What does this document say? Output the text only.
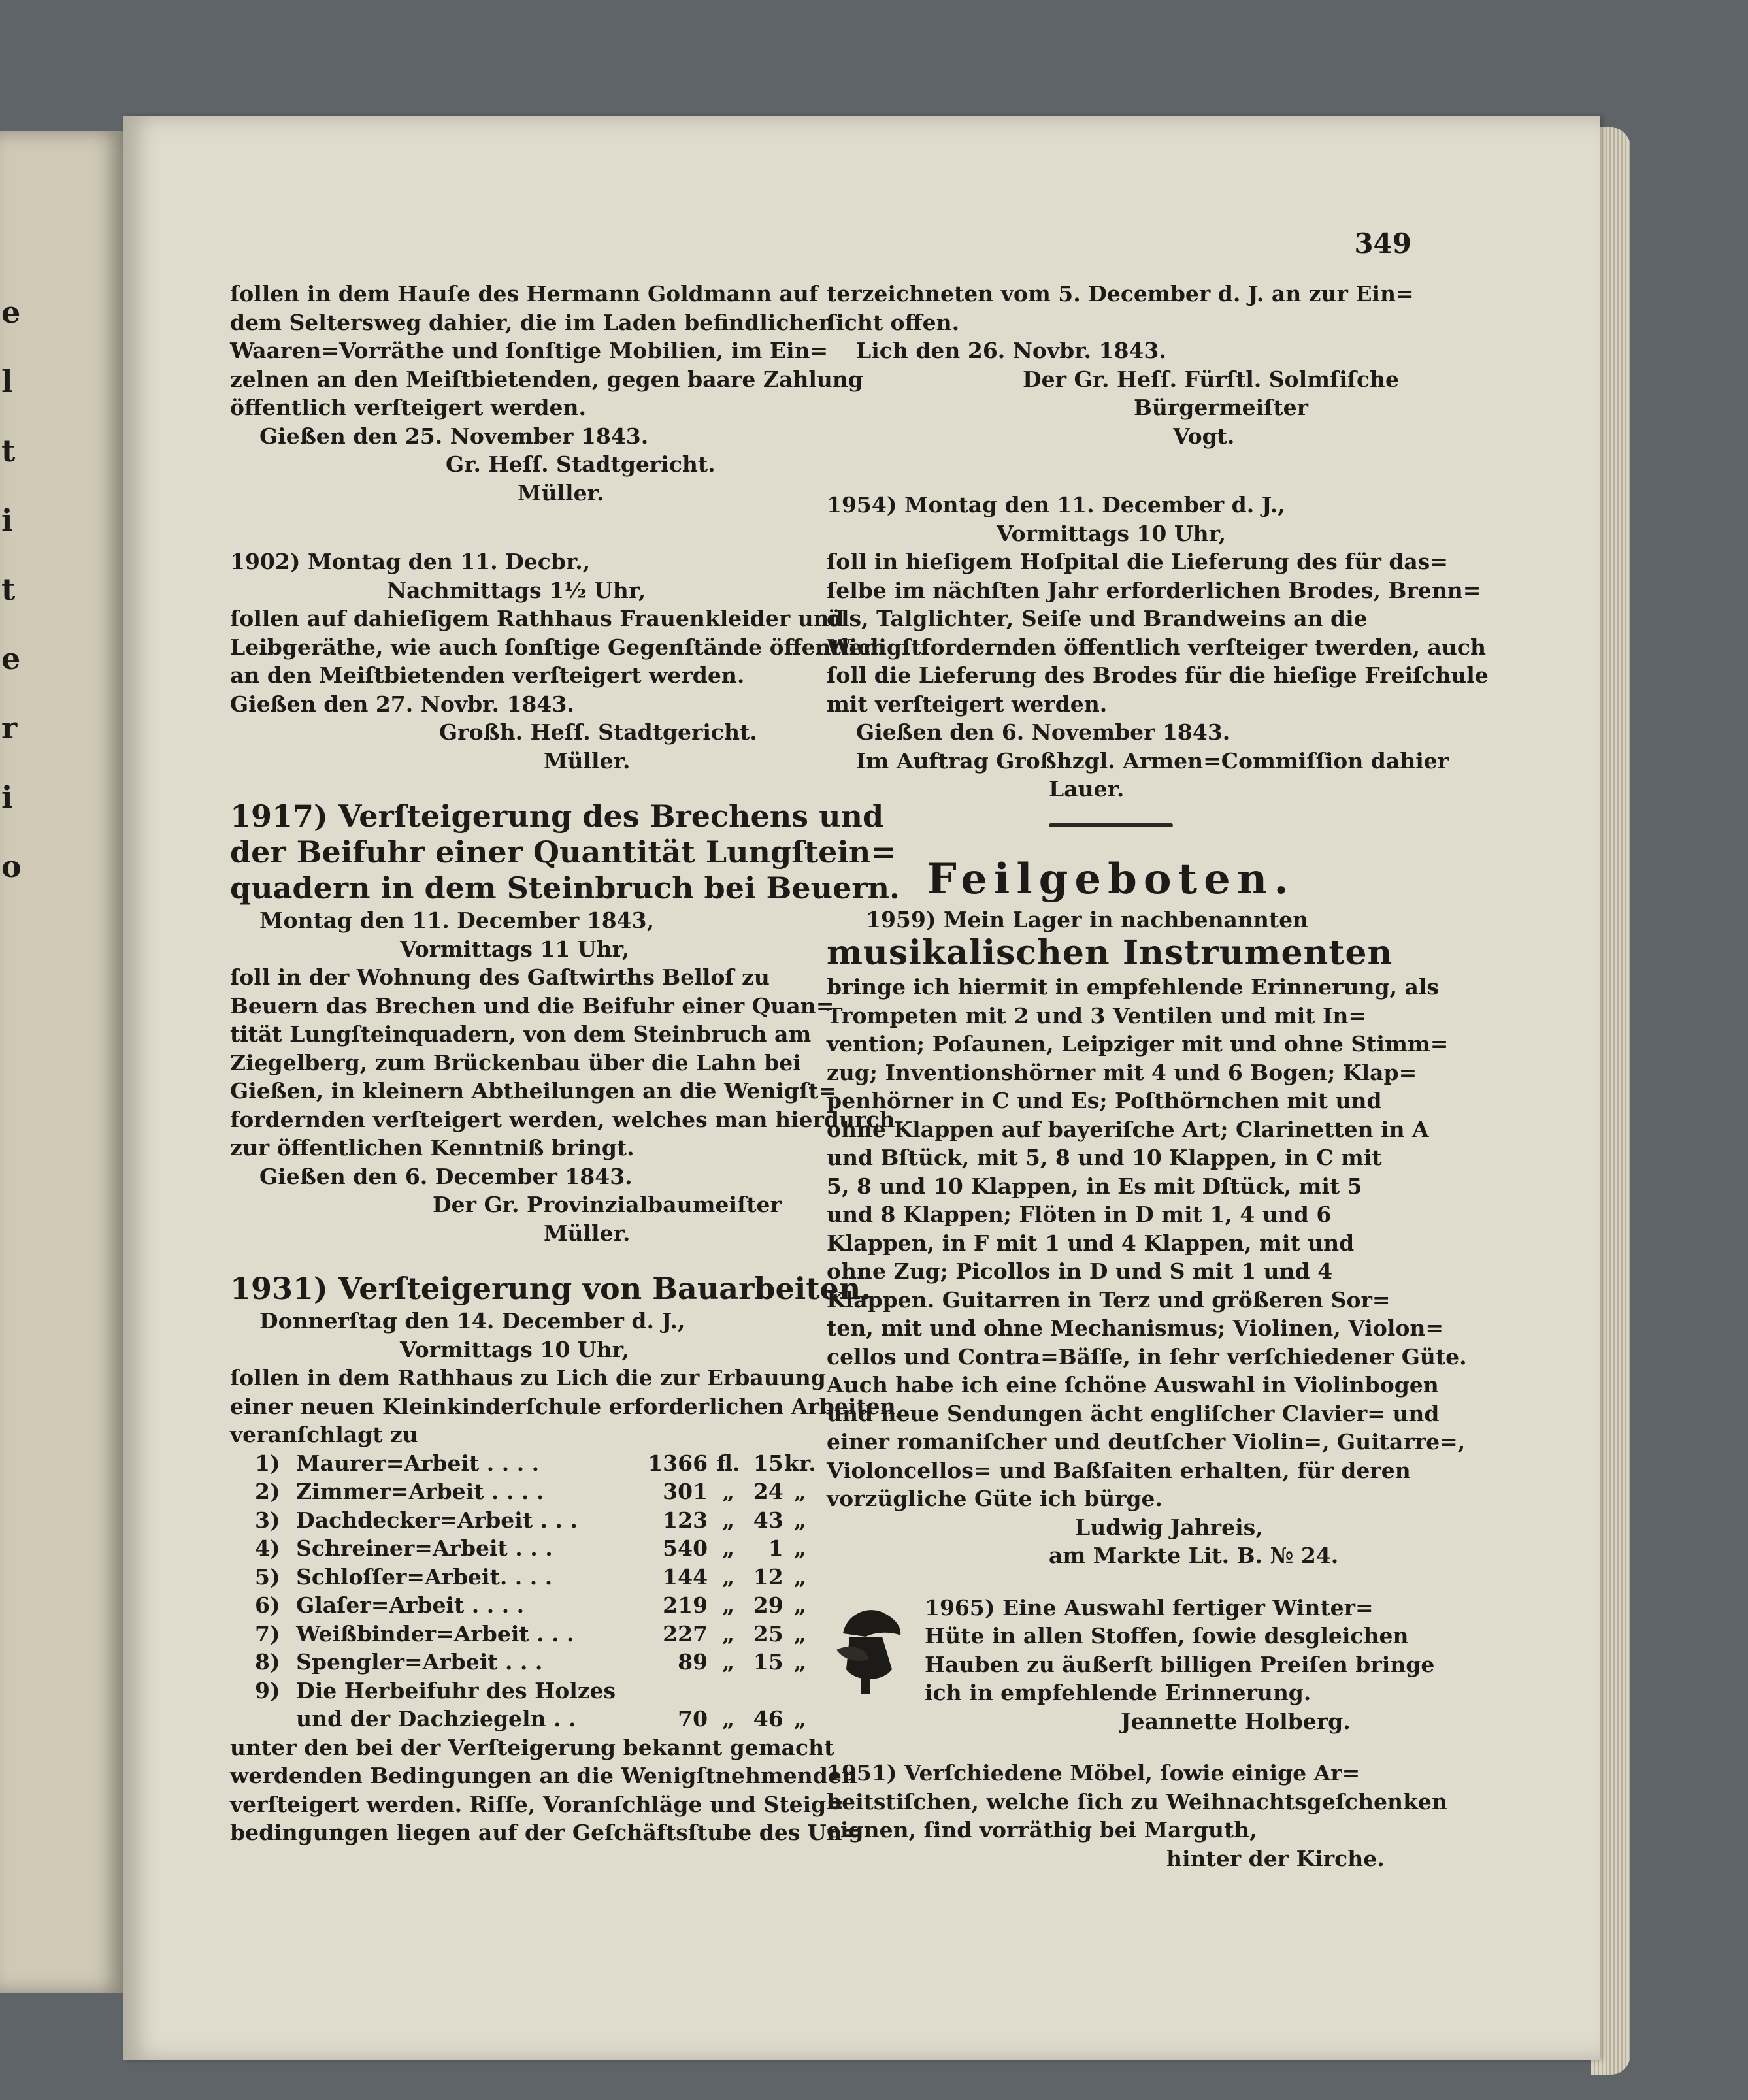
e
l
t
i
t
e
r
i
o
349
ſollen in dem Hauſe des Hermann Goldmann auf
dem Seltersweg dahier, die im Laden befindlichen
Waaren=Vorräthe und ſonſtige Mobilien, im Ein=
zelnen an den Meiſtbietenden, gegen baare Zahlung
öffentlich verſteigert werden.
Gießen den 25. November 1843.
Gr. Heſſ. Stadtgericht.
Müller.
1902) Montag den 11. Decbr.,
Nachmittags 1½ Uhr,
ſollen auf dahieſigem Rathhaus Frauenkleider und
Leibgeräthe, wie auch ſonſtige Gegenſtände öffentlich
an den Meiſtbietenden verſteigert werden.
Gießen den 27. Novbr. 1843.
Großh. Heſſ. Stadtgericht.
Müller.
1917) Verſteigerung des Brechens und
der Beifuhr einer Quantität Lungſtein=
quadern in dem Steinbruch bei Beuern.
Montag den 11. December 1843,
Vormittags 11 Uhr,
ſoll in der Wohnung des Gaſtwirths Belloſ zu
Beuern das Brechen und die Beifuhr einer Quan=
tität Lungſteinquadern, von dem Steinbruch am
Ziegelberg, zum Brückenbau über die Lahn bei
Gießen, in kleinern Abtheilungen an die Wenigſt=
fordernden verſteigert werden, welches man hierdurch
zur öffentlichen Kenntniß bringt.
Gießen den 6. December 1843.
Der Gr. Provinzialbaumeiſter
Müller.
1931) Verſteigerung von Bauarbeiten.
Donnerſtag den 14. December d. J.,
Vormittags 10 Uhr,
ſollen in dem Rathhaus zu Lich die zur Erbauung
einer neuen Kleinkinderſchule erforderlichen Arbeiten,
veranſchlagt zu
1)	Maurer=Arbeit . . . .	1366	fl.	15	kr.
2)	Zimmer=Arbeit . . . .	301	„	24	„
3)	Dachdecker=Arbeit . . .	123	„	43	„
4)	Schreiner=Arbeit . . .	540	„	1	„
5)	Schloſſer=Arbeit. . . .	144	„	12	„
6)	Glaſer=Arbeit . . . .	219	„	29	„
7)	Weißbinder=Arbeit . . .	227	„	25	„
8)	Spengler=Arbeit . . .	89	„	15	„
9)	Die Herbeifuhr des Holzes				
	und der Dachziegeln . .	70	„	46	„
unter den bei der Verſteigerung bekannt gemacht
werdenden Bedingungen an die Wenigſtnehmenden
verſteigert werden. Riſſe, Voranſchläge und Steig=
bedingungen liegen auf der Geſchäftsſtube des Un=
terzeichneten vom 5. December d. J. an zur Ein=
ſicht offen.
Lich den 26. Novbr. 1843.
Der Gr. Heſſ. Fürſtl. Solmſiſche
Bürgermeiſter
Vogt.
1954) Montag den 11. December d. J.,
Vormittags 10 Uhr,
ſoll in hieſigem Hoſpital die Lieferung des für das=
ſelbe im nächſten Jahr erforderlichen Brodes, Brenn=
öls, Talglichter, Seiſe und Brandweins an die
Wenigſtfordernden öffentlich verſteiger twerden, auch
ſoll die Lieferung des Brodes für die hieſige Freiſchule
mit verſteigert werden.
Gießen den 6. November 1843.
Im Auftrag Großhzgl. Armen=Commiſſion dahier
Lauer.
Feilgeboten.
1959) Mein Lager in nachbenannten
musikalischen Instrumenten
bringe ich hiermit in empfehlende Erinnerung, als
Trompeten mit 2 und 3 Ventilen und mit In=
vention; Poſaunen, Leipziger mit und ohne Stimm=
zug; Inventionshörner mit 4 und 6 Bogen; Klap=
penhörner in C und Es; Poſthörnchen mit und
ohne Klappen auf bayeriſche Art; Clarinetten in A
und Bſtück, mit 5, 8 und 10 Klappen, in C mit
5, 8 und 10 Klappen, in Es mit Dſtück, mit 5
und 8 Klappen; Flöten in D mit 1, 4 und 6
Klappen, in F mit 1 und 4 Klappen, mit und
ohne Zug; Picollos in D und S mit 1 und 4
Klappen. Guitarren in Terz und größeren Sor=
ten, mit und ohne Mechanismus; Violinen, Violon=
cellos und Contra=Bäſſe, in ſehr verſchiedener Güte.
Auch habe ich eine ſchöne Auswahl in Violinbogen
und neue Sendungen ächt engliſcher Clavier= und
einer romaniſcher und deutſcher Violin=, Guitarre=,
Violoncellos= und Baßſaiten erhalten, für deren
vorzügliche Güte ich bürge.
Ludwig Jahreis,
am Markte Lit. B. № 24.
1965) Eine Auswahl fertiger Winter=
Hüte in allen Stoffen, ſowie desgleichen
Hauben zu äußerſt billigen Preiſen bringe
ich in empfehlende Erinnerung.
Jeannette Holberg.
1951) Verſchiedene Möbel, ſowie einige Ar=
beitstiſchen, welche ſich zu Weihnachtsgeſchenken
eignen, ſind vorräthig bei Marguth,
hinter der Kirche.
